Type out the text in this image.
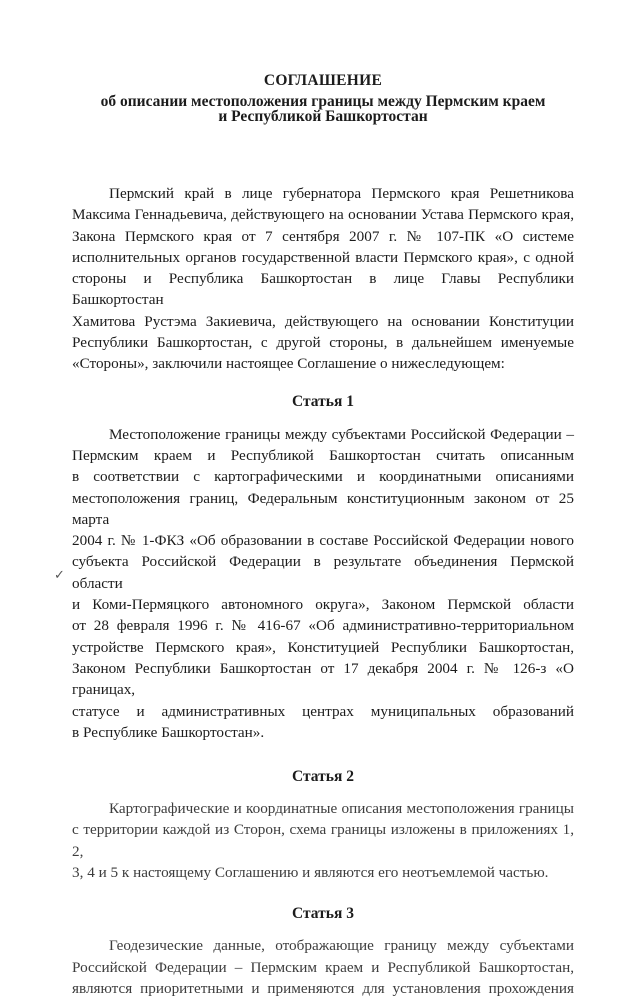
СОГЛАШЕНИЕ
об описании местоположения границы между Пермским краем
и Республикой Башкортостан

Пермский край в лице губернатора Пермского края Решетникова
Максима Геннадьевича, действующего на основании Устава Пермского края,
Закона Пермского края от 7 сентября 2007 г. № 107-ПК «О системе
исполнительных органов государственной власти Пермского края», с одной
стороны и Республика Башкортостан в лице Главы Республики Башкортостан
Хамитова Рустэма Закиевича, действующего на основании Конституции
Республики Башкортостан, с другой стороны, в дальнейшем именуемые
«Стороны», заключили настоящее Соглашение о нижеследующем:

Статья 1

Местоположение границы между субъектами Российской Федерации –
Пермским краем и Республикой Башкортостан считать описанным
в соответствии с картографическими и координатными описаниями
местоположения границ, Федеральным конституционным законом от 25 марта
2004 г. № 1-ФКЗ «Об образовании в составе Российской Федерации нового
субъекта Российской Федерации в результате объединения Пермской области
и Коми-Пермяцкого автономного округа», Законом Пермской области
от 28 февраля 1996 г. № 416-67 «Об административно-территориальном
устройстве Пермского края», Конституцией Республики Башкортостан,
Законом Республики Башкортостан от 17 декабря 2004 г. № 126-з «О границах,
статусе и административных центрах муниципальных образований
в Республике Башкортостан».

Статья 2

Картографические и координатные описания местоположения границы
с территории каждой из Сторон, схема границы изложены в приложениях 1, 2,
3, 4 и 5 к настоящему Соглашению и являются его неотъемлемой частью.

Статья 3

Геодезические данные, отображающие границу между субъектами
Российской Федерации – Пермским краем и Республикой Башкортостан,
являются приоритетными и применяются для установления прохождения

✓
